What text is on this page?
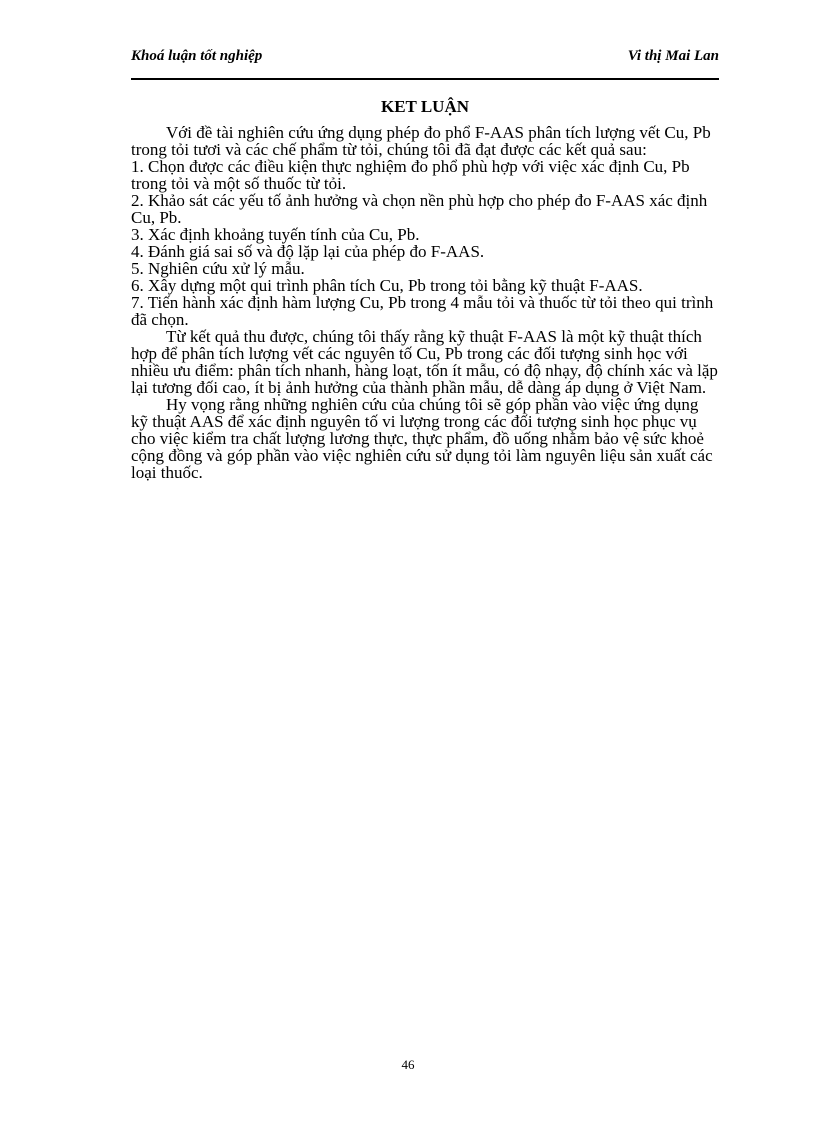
Khoá luận tốt nghiệp	Vi thị Mai Lan
KET LUẬN

Với đề tài nghiên cứu ứng dụng phép đo phổ F-AAS phân tích lượng vết Cu, Pb trong tỏi tươi và các chế phẩm từ tỏi, chúng tôi đã đạt được các kết quả sau:

1. Chọn được các điều kiện thực nghiệm đo phổ phù hợp với việc xác định Cu, Pb trong tỏi và một số thuốc từ tỏi.

2. Khảo sát các yếu tố ảnh hưởng và chọn nền phù hợp cho phép đo F-AAS xác định Cu, Pb.

3. Xác định khoảng tuyến tính của Cu, Pb.

4. Đánh giá sai số và độ lặp lại của phép đo F-AAS.

5. Nghiên cứu xử lý mẫu.

6. Xây dựng một qui trình phân tích Cu, Pb trong tỏi bằng kỹ thuật F-AAS.

7. Tiến hành xác định hàm lượng Cu, Pb trong 4 mẫu tỏi và thuốc từ tỏi theo qui trình đã chọn.

Từ kết quả thu được, chúng tôi thấy rằng kỹ thuật F-AAS là một kỹ thuật thích hợp để phân tích lượng vết các nguyên tố Cu, Pb trong các đối tượng sinh học với nhiều ưu điểm: phân tích nhanh, hàng loạt, tốn ít mẫu, có độ nhạy, độ chính xác và lặp lại tương đối cao, ít bị ảnh hưởng của thành phần mẫu, dễ dàng áp dụng ở Việt Nam.

Hy vọng rằng những nghiên cứu của chúng tôi sẽ góp phần vào việc ứng dụng kỹ thuật AAS để xác định nguyên tố vi lượng trong các đối tượng sinh học phục vụ cho việc kiểm tra chất lượng lương thực, thực phẩm, đồ uống nhằm bảo vệ sức khoẻ cộng đồng và góp phần vào việc nghiên cứu sử dụng tỏi làm nguyên liệu sản xuất các loại thuốc.

46
